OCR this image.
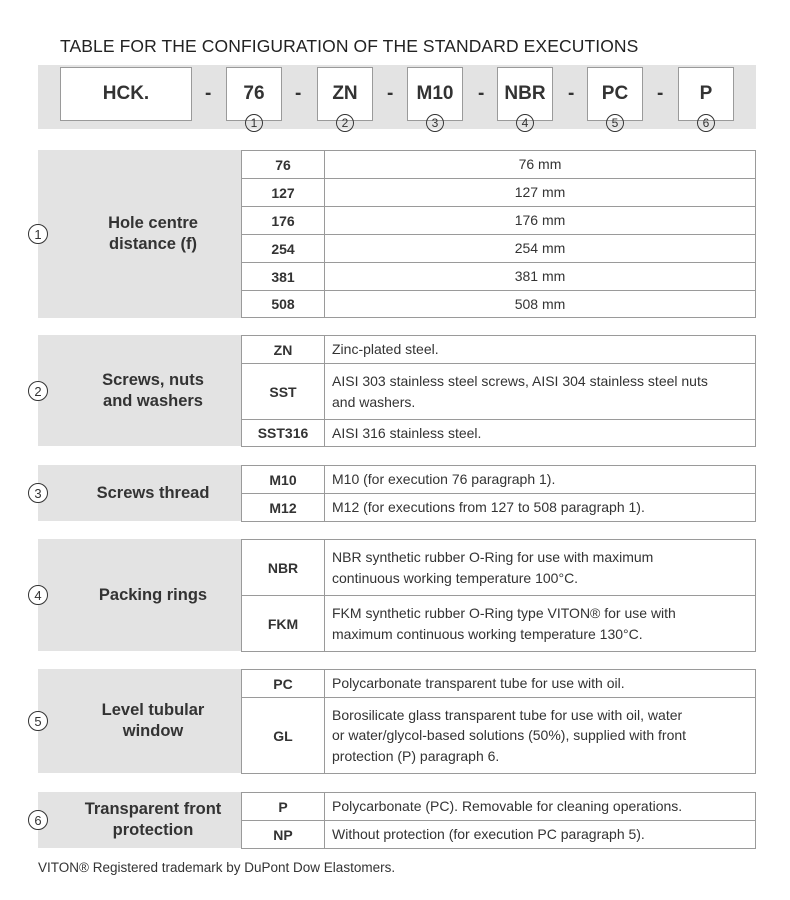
TABLE FOR THE CONFIGURATION OF THE STANDARD EXECUTIONS
HCK.	-	76
1
-	ZN
2
-	M10
3
-	NBR
4
-	PC
5
-	P
6
1
Hole centre
distance (f)
76	76 mm
127	127 mm
176	176 mm
254	254 mm
381	381 mm
508	508 mm
2
Screws, nuts
and washers
ZN	Zinc-plated steel.

SST	AISI 303 stainless steel screws, AISI 304 stainless steel nuts
and washers.

SST316	AISI 316 stainless steel.
3	Screws thread
M10	M10 (for execution 76 paragraph 1).

M12	M12 (for executions from 127 to 508 paragraph 1).
4	Packing rings
NBR	NBR synthetic rubber O-Ring for use with maximum
continuous working temperature 100°C.

FKM	FKM synthetic rubber O-Ring type VITON® for use with
maximum continuous working temperature 130°C.
5
Level tubular
window
PC	Polycarbonate transparent tube for use with oil.

GL	Borosilicate glass transparent tube for use with oil, water
or water/glycol-based solutions (50%), supplied with front
protection (P) paragraph 6.
6
Transparent front
protection
P	Polycarbonate (PC). Removable for cleaning operations.

NP	Without protection (for execution PC paragraph 5).
VITON® Registered trademark by DuPont Dow Elastomers.
